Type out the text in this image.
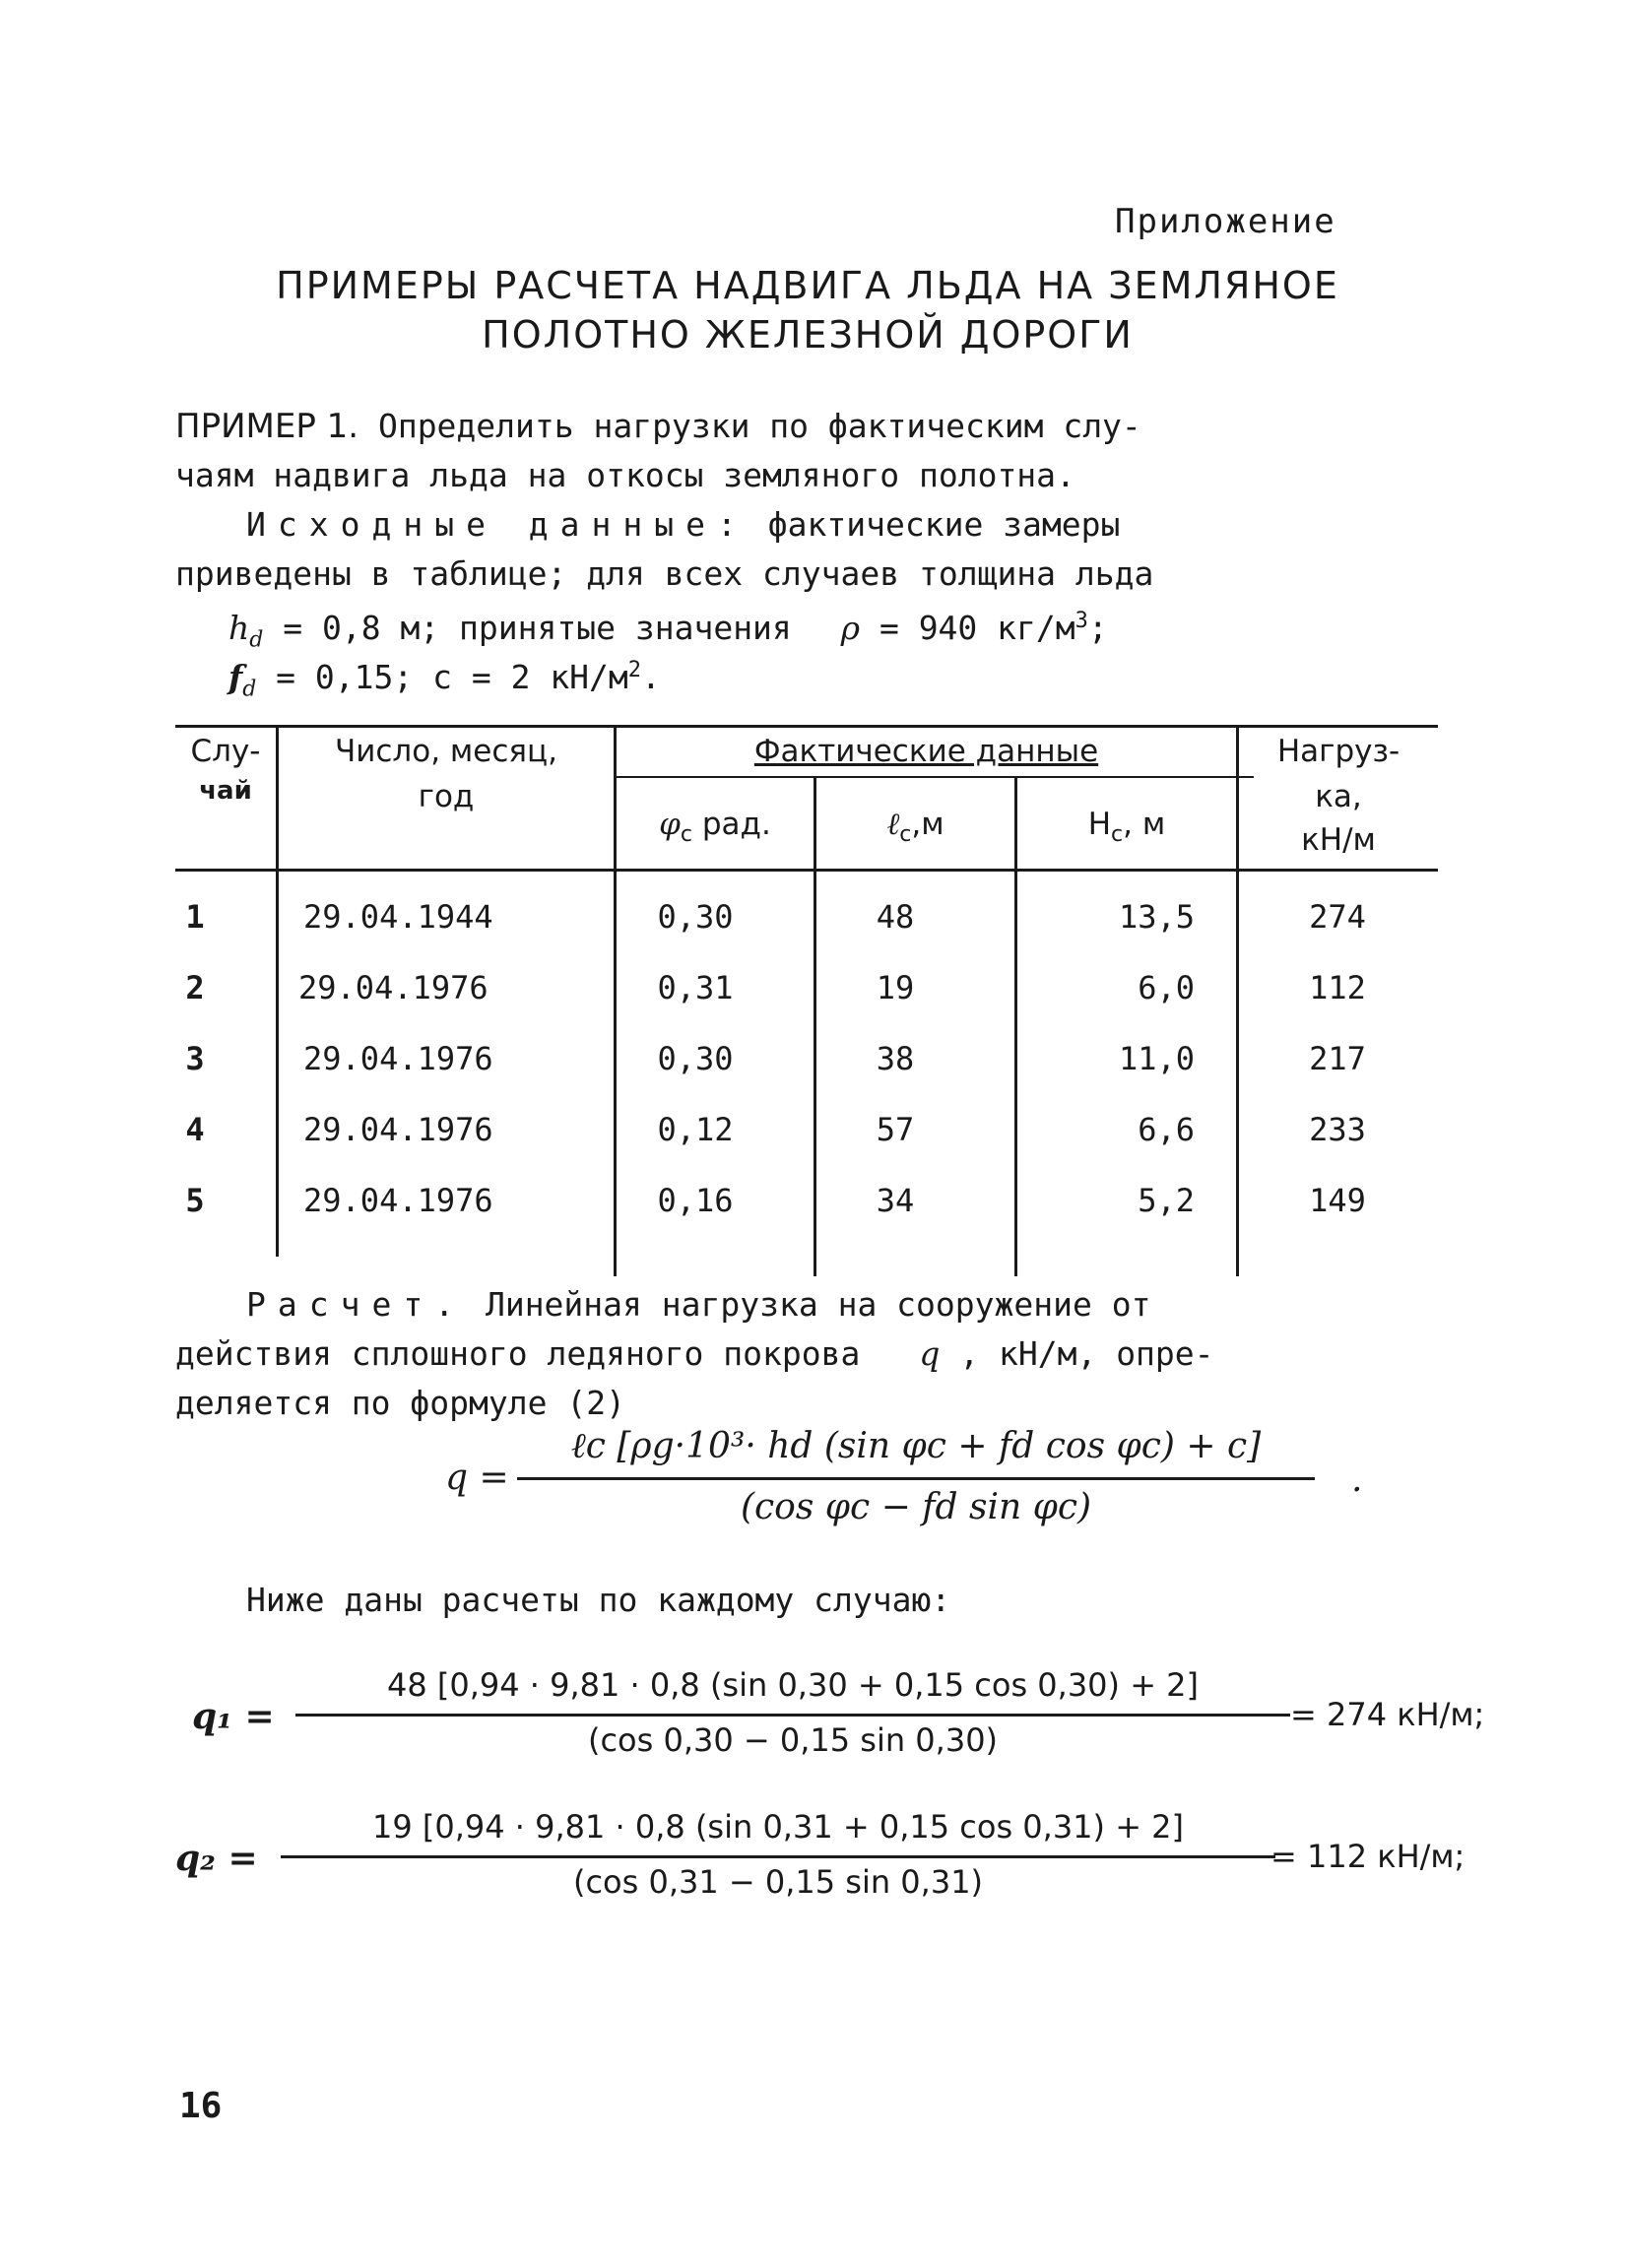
Приложение
ПРИМЕРЫ РАСЧЕТА НАДВИГА ЛЬДА НА ЗЕМЛЯНОЕ
ПОЛОТНО ЖЕЛЕЗНОЙ ДОРОГИ
ПРИМЕР 1. Определить нагрузки по фактическим слу-
чаям надвига льда на откосы земляного полотна.
Исходные данные: фактические замеры
приведены в таблице; для всех случаев толщина льда
$h_d = 0,8$ м; принятые значения ρ = 940 $кг/м^3$;
$f_d = 0,15$; с = 2 $кН/м^2$.
Слу-
чай
Число, месяц,
год
Фактические данные
$\varphi_c$ рад.	ℓ$_c$,м	$H_c$, м
Нагруз-
ка,
кН/м
1	29.04.1944	0,30	48	13,5	274
2	29.04.1976	0,31	19	6,0	112
3	29.04.1976	0,30	38	11,0	217
4	29.04.1976	0,12	57	6,6	233
5	29.04.1976	0,16	34	5,2	149
Расчет. Линейная нагрузка на сооружение от
действия сплошного ледяного покрова q , кН/м, опре-
деляется по формуле (2)
q =
ℓc [ρg·10³· hd (sin φc + fd cos φc) + c]
(cos φc − fd sin φc)
.
Ниже даны расчеты по каждому случаю:
q₁ =
48 [0,94 · 9,81 · 0,8 (sin 0,30 + 0,15 cos 0,30) + 2]
(cos 0,30 − 0,15 sin 0,30)
= 274 кН/м;
q₂ =
19 [0,94 · 9,81 · 0,8 (sin 0,31 + 0,15 cos 0,31) + 2]
(cos 0,31 − 0,15 sin 0,31)
= 112 кН/м;
16
